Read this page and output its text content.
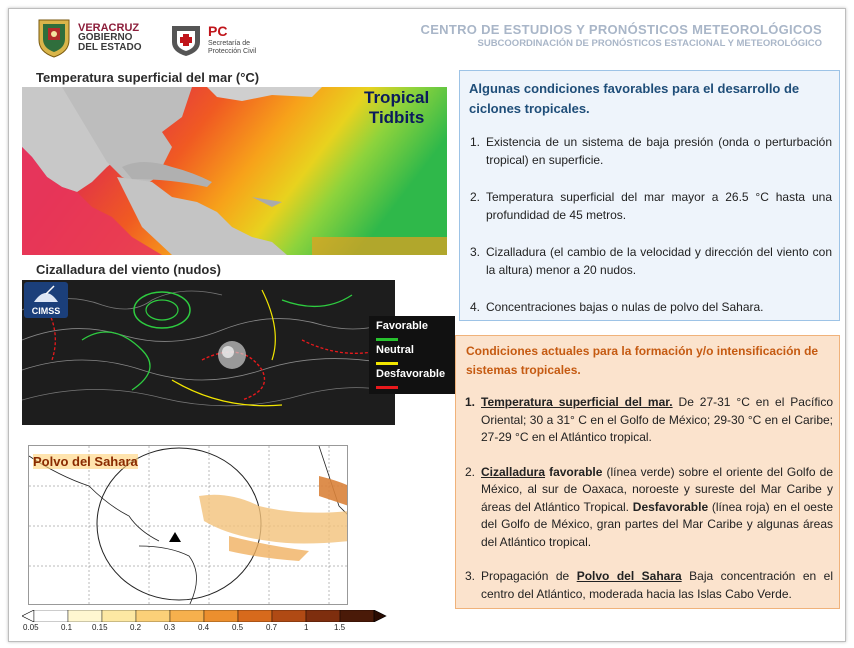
VERACRUZ
GOBIERNO
DEL ESTADO
PC
Secretaría de
Protección Civil
CENTRO DE ESTUDIOS Y PRONÓSTICOS METEOROLÓGICOS
SUBCOORDINACIÓN DE PRONÓSTICOS ESTACIONAL Y METEOROLÓGICO
Temperatura superficial del mar (°C)
Tropical
Tidbits
Cizalladura del viento (nudos)
CIMSS
Favorable
Neutral
Desfavorable
Polvo del Sahara
0.05	0.1 0.15	0.2	0.3	0.4	0.5	0.7	1	1.5
Algunas condiciones favorables para el desarrollo de ciclones tropicales.
1. Existencia de un sistema de baja presión (onda o perturbación tropical) en superficie.
2. Temperatura superficial del mar mayor a 26.5 °C hasta una profundidad de 45 metros.
3. Cizalladura (el cambio de la velocidad y dirección del viento con la altura) menor a 20 nudos.
4. Concentraciones bajas o nulas de polvo del Sahara.
Condiciones actuales para la formación y/o intensificación de sistemas tropicales.
1. Temperatura superficial del mar. De 27-31 °C en el Pacífico Oriental; 30 a 31° C en el Golfo de México; 29-30 °C en el Caribe; 27-29 °C en el Atlántico tropical.
2. Cizalladura favorable (línea verde) sobre el oriente del Golfo de México, al sur de Oaxaca, noroeste y sureste del Mar Caribe y áreas del Atlántico Tropical. Desfavorable (línea roja) en el oeste del Golfo de México, gran partes del Mar Caribe y algunas áreas del Atlántico tropical.
3. Propagación de Polvo del Sahara Baja concentración en el centro del Atlántico, moderada hacia las Islas Cabo Verde.
